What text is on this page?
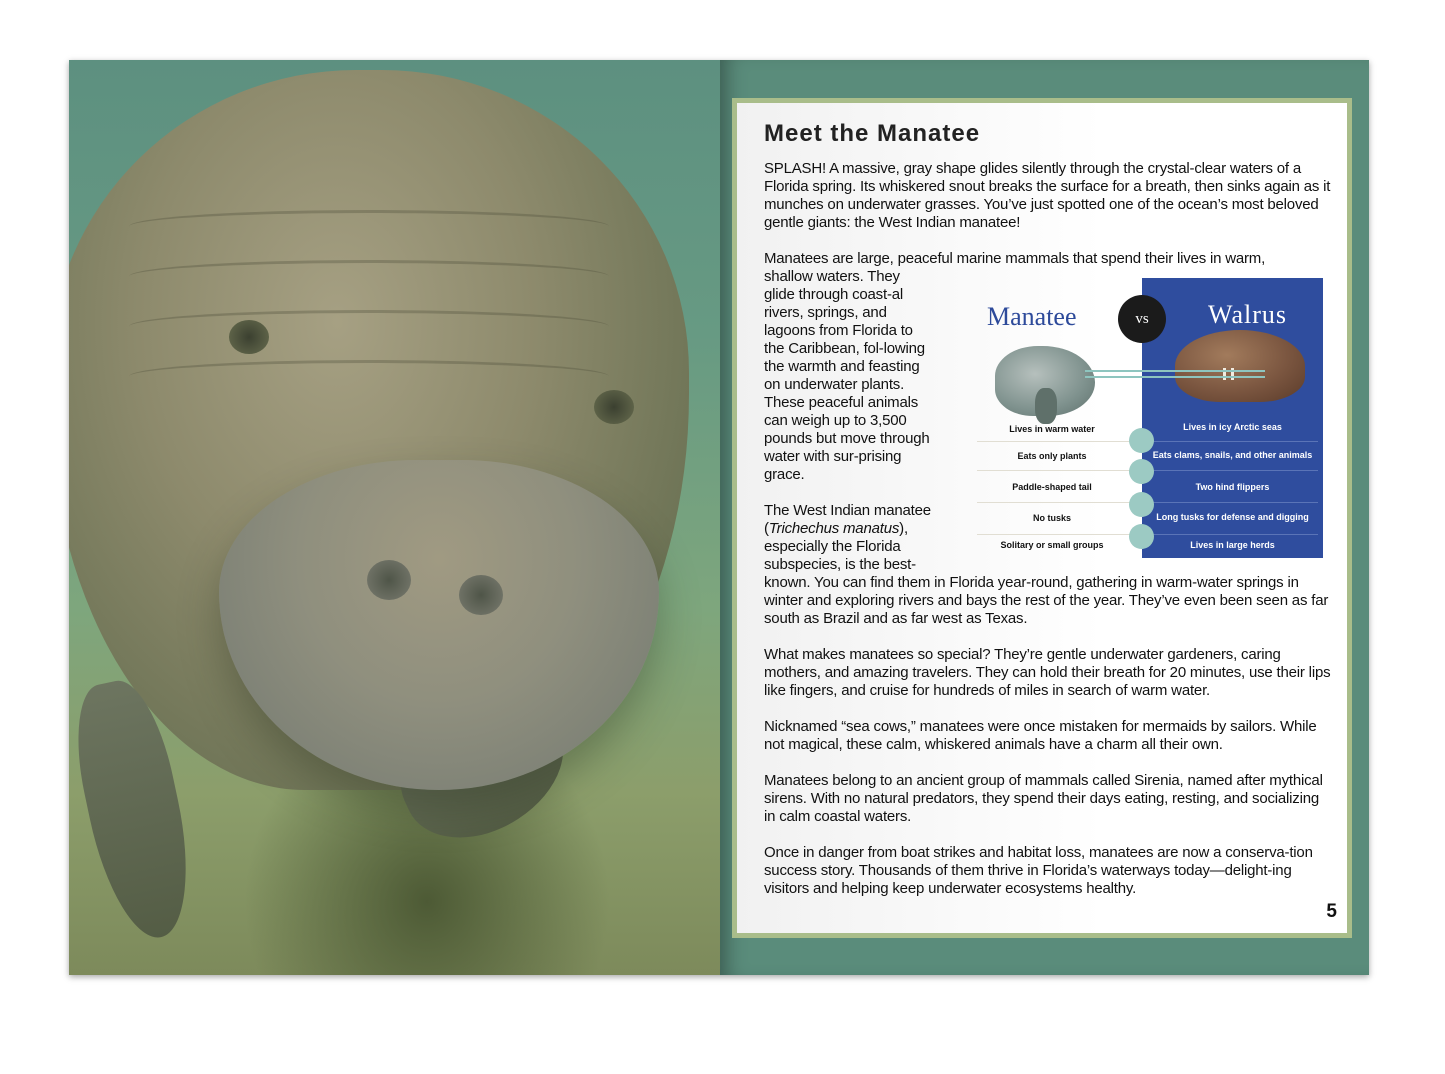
Meet the Manatee

SPLASH! A massive, gray shape glides silently through the crystal-clear waters of a Florida spring. Its whiskered snout breaks the surface for a breath, then sinks again as it munches on underwater grasses. You’ve just spotted one of the ocean’s most beloved gentle giants: the West Indian manatee!

Manatees are large, peaceful marine mammals that spend their lives in warm,

shallow waters. They glide through coast-al rivers, springs, and lagoons from Florida to the Caribbean, fol-lowing the warmth and feasting on underwater plants. These peaceful animals can weigh up to 3,500 pounds but move through water with sur-prising grace.

The West Indian manatee

(Trichechus manatus),

especially the Florida subspecies, is the best-

known. You can find them in Florida year-round, gathering in warm-water springs in winter and exploring rivers and bays the rest of the year. They’ve even been seen as far south as Brazil and as far west as Texas.

What makes manatees so special? They’re gentle underwater gardeners, caring mothers, and amazing travelers. They can hold their breath for 20 minutes, use their lips like fingers, and cruise for hundreds of miles in search of warm water.

Nicknamed “sea cows,” manatees were once mistaken for mermaids by sailors. While not magical, these calm, whiskered animals have a charm all their own.

Manatees belong to an ancient group of mammals called Sirenia, named after mythical sirens. With no natural predators, they spend their days eating, resting, and socializing in calm coastal waters.

Once in danger from boat strikes and habitat loss, manatees are now a conserva-tion success story. Thousands of them thrive in Florida’s waterways today—delight-ing visitors and helping keep underwater ecosystems healthy.

Manatee	Walrus
vs
Lives in warm water	Lives in icy Arctic seas
Eats only plants	Eats clams, snails, and other animals
Paddle-shaped tail	Two hind flippers
No tusks	Long tusks for defense and digging
Solitary or small groups	Lives in large herds
5
